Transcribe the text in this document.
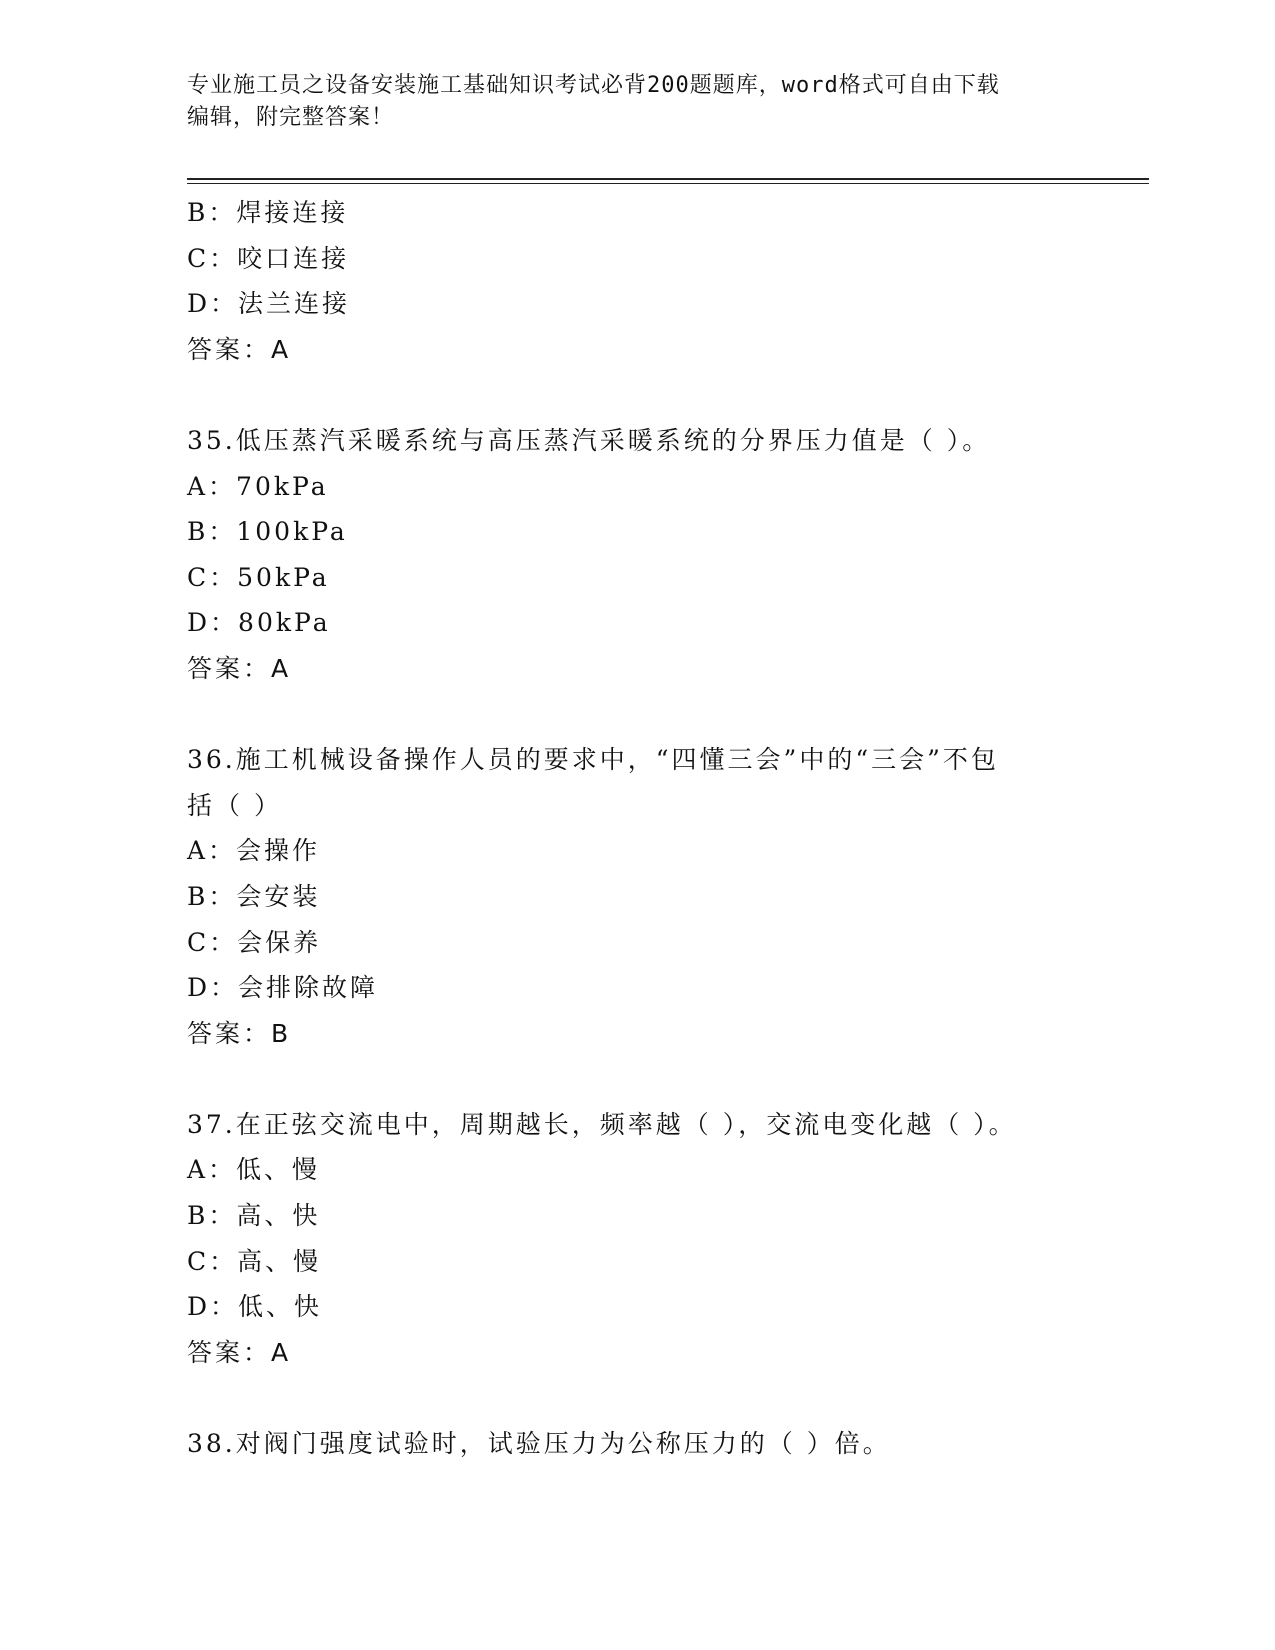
专业施工员之设备安装施工基础知识考试必背200题题库，word格式可自由下载
编辑，附完整答案！
B：焊接连接
C：咬口连接
D：法兰连接
答案：A
35.低压蒸汽采暖系统与高压蒸汽采暖系统的分界压力值是（ ）。
A：70kPa
B：100kPa
C：50kPa
D：80kPa
答案：A
36.施工机械设备操作人员的要求中，“四懂三会”中的“三会”不包
括（ ）
A：会操作
B：会安装
C：会保养
D：会排除故障
答案：B
37.在正弦交流电中，周期越长，频率越（ ），交流电变化越（ ）。
A：低、慢
B：高、快
C：高、慢
D：低、快
答案：A
38.对阀门强度试验时，试验压力为公称压力的（ ）倍。
